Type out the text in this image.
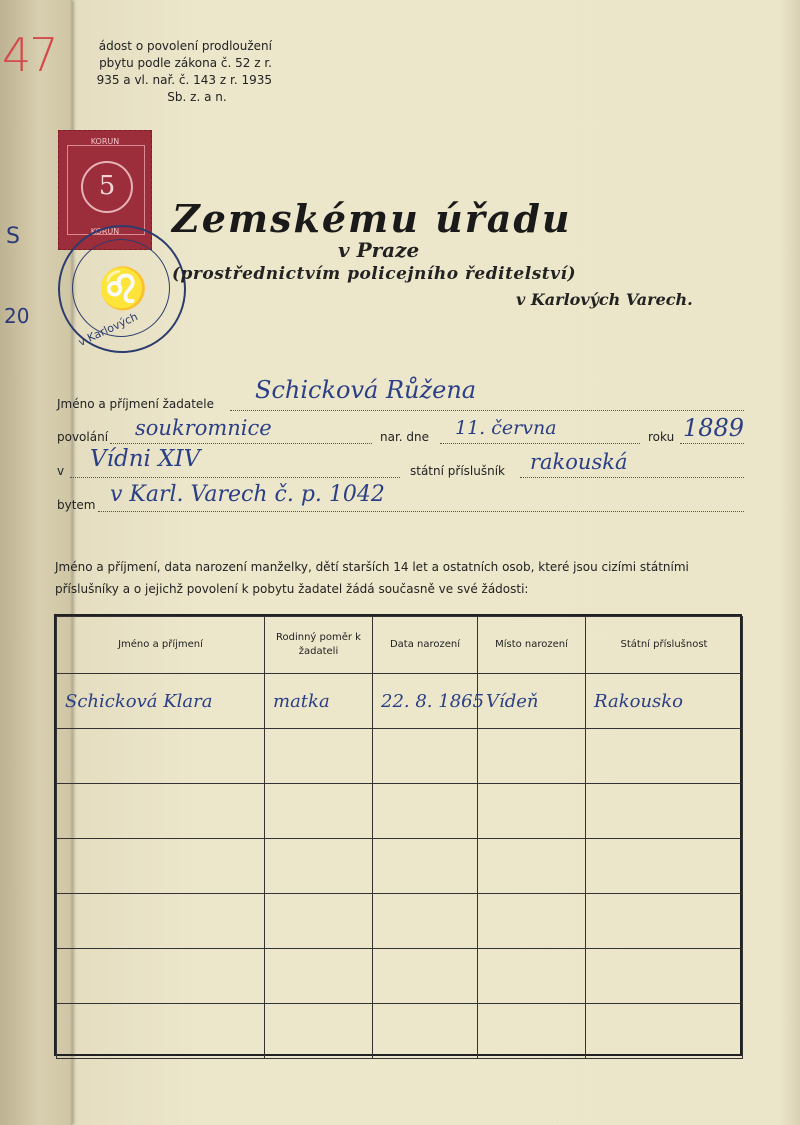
47
S
20
ádost o povolení prodloužení
pbytu podle zákona č. 52 z r.
935 a vl. nař. č. 143 z r. 1935
Sb. z. a n.
KORUN
5
KORUN
♌
v Karlových
Zemskému úřadu
v Praze
(prostřednictvím policejního ředitelství)
v Karlových Varech.
Jméno a příjmení žadatele Schicková Růžena
povolání soukromnice	nar. dne 11. června	roku 1889
v Vídni XIV	státní příslušník rakouská
bytem v Karl. Varech č. p. 1042
Jméno a příjmení, data narození manželky, dětí starších 14 let a ostatních osob, které jsou cizími státními příslušníky a o jejichž povolení k pobytu žadatel žádá současně ve své žádosti:
Jméno a příjmení	Rodinný poměr k žadateli	Data narození	Místo narození	Státní příslušnost

Schicková Klara	matka	22. 8. 1865	Vídeň	Rakousko
